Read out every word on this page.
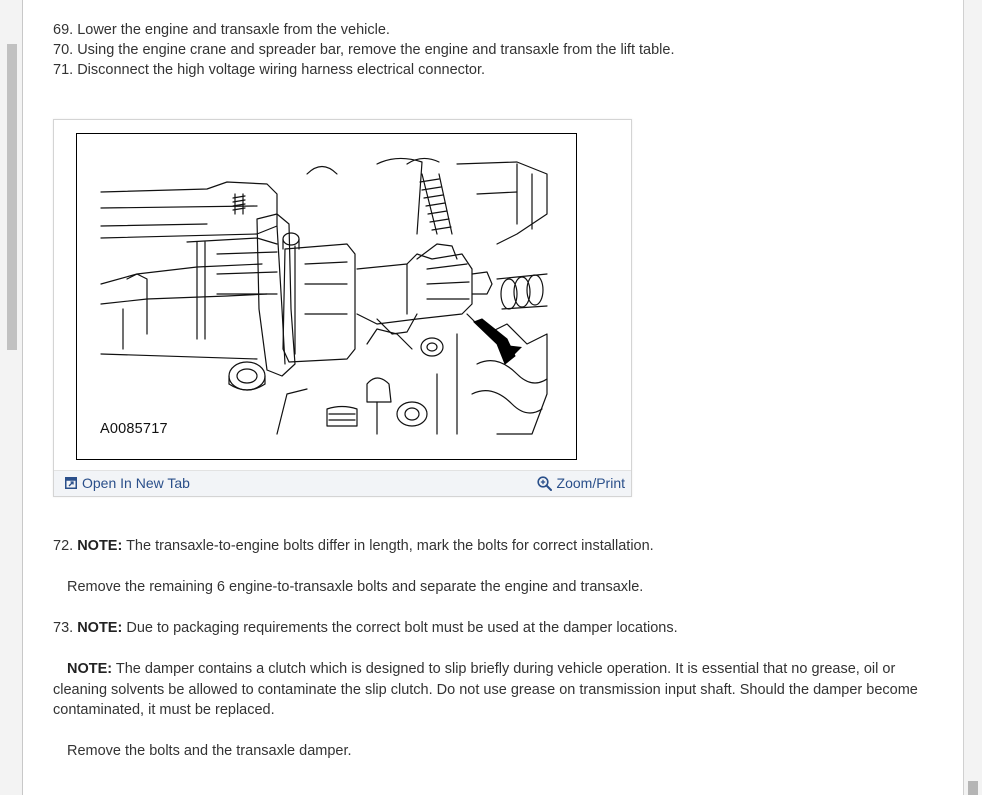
69. Lower the engine and transaxle from the vehicle.

70. Using the engine crane and spreader bar, remove the engine and transaxle from the lift table.

71. Disconnect the high voltage wiring harness electrical connector.

A0085717
Open In New Tab	Zoom/Print

72. NOTE: The transaxle-to-engine bolts differ in length, mark the bolts for correct installation.

Remove the remaining 6 engine-to-transaxle bolts and separate the engine and transaxle.

73. NOTE: Due to packaging requirements the correct bolt must be used at the damper locations.

NOTE: The damper contains a clutch which is designed to slip briefly during vehicle operation. It is essential that no grease, oil or cleaning solvents be allowed to contaminate the slip clutch. Do not use grease on transmission input shaft. Should the damper become contaminated, it must be replaced.

Remove the bolts and the transaxle damper.
